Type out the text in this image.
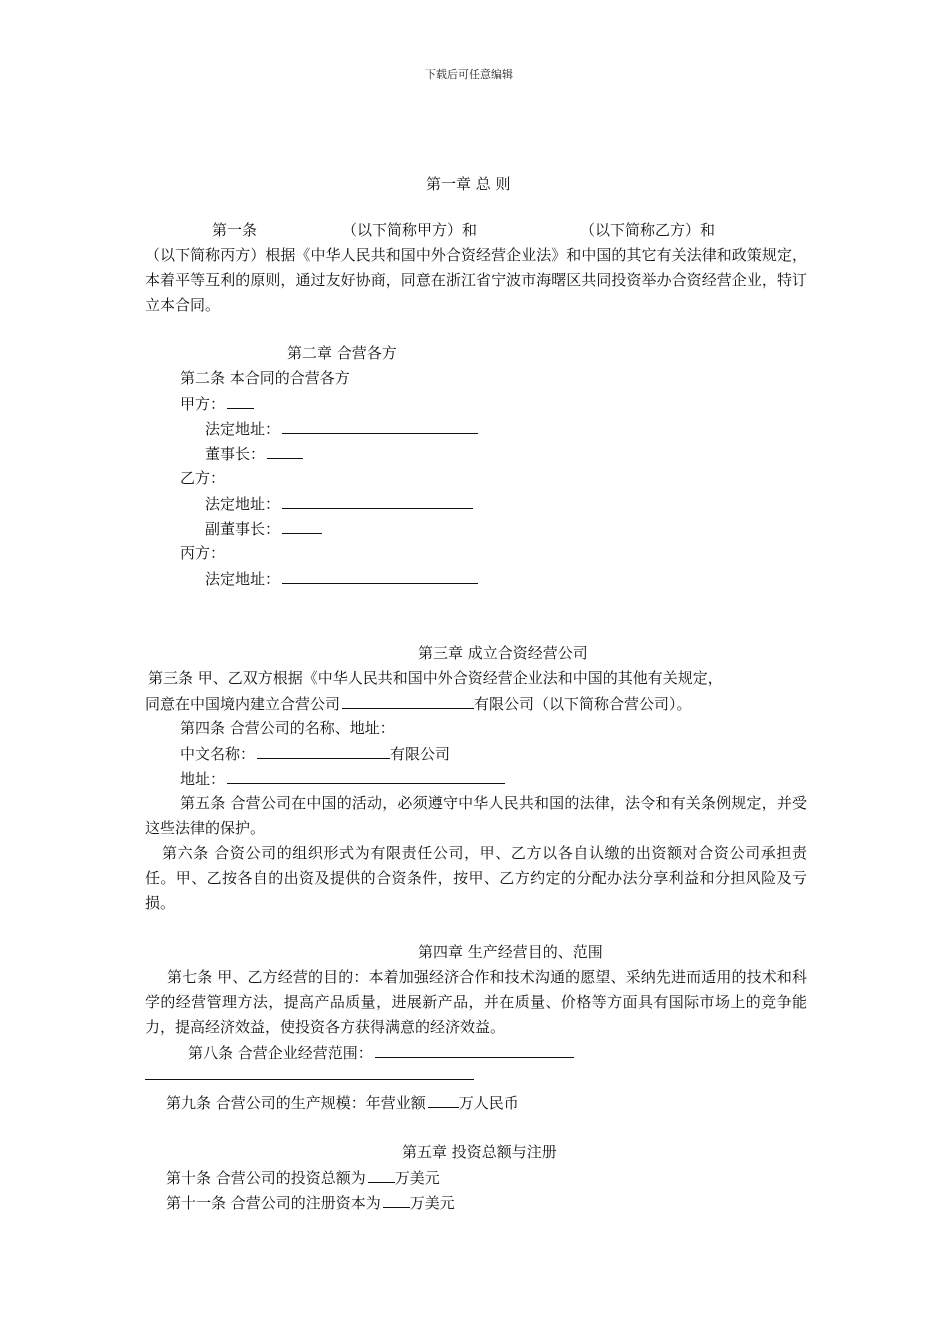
下载后可任意编辑
第一章 总 则
第一条	（以下简称甲方）和	（以下简称乙方）和
（以下简称丙方）根据《中华人民共和国中外合资经营企业法》和中国的其它有关法律和政策规定，本着平等互利的原则，通过友好协商，同意在浙江省宁波市海曙区共同投资举办合资经营企业，特订立本合同。
第二章 合营各方
第二条 本合同的合营各方
甲方：
法定地址：
董事长：
乙方：
法定地址：
副董事长：
丙方：
法定地址：
第三章 成立合资经营公司
第三条 甲、乙双方根据《中华人民共和国中外合资经营企业法和中国的其他有关规定，
同意在中国境内建立合营公司	有限公司（以下简称合营公司）。
第四条 合营公司的名称、地址：
中文名称：	有限公司
地址：
第五条 合营公司在中国的活动，必须遵守中华人民共和国的法律，法令和有关条例规定，并受这些法律的保护。
第六条 合资公司的组织形式为有限责任公司，甲、乙方以各自认缴的出资额对合资公司承担责任。甲、乙按各自的出资及提供的合资条件，按甲、乙方约定的分配办法分享利益和分担风险及亏损。
第四章 生产经营目的、范围
第七条 甲、乙方经营的目的：本着加强经济合作和技术沟通的愿望、采纳先进而适用的技术和科学的经营管理方法，提高产品质量，进展新产品，并在质量、价格等方面具有国际市场上的竞争能力，提高经济效益，使投资各方获得满意的经济效益。
第八条 合营企业经营范围：
第九条 合营公司的生产规模：年营业额 万人民币
第五章 投资总额与注册
第十条 合营公司的投资总额为 万美元
第十一条 合营公司的注册资本为 万美元
